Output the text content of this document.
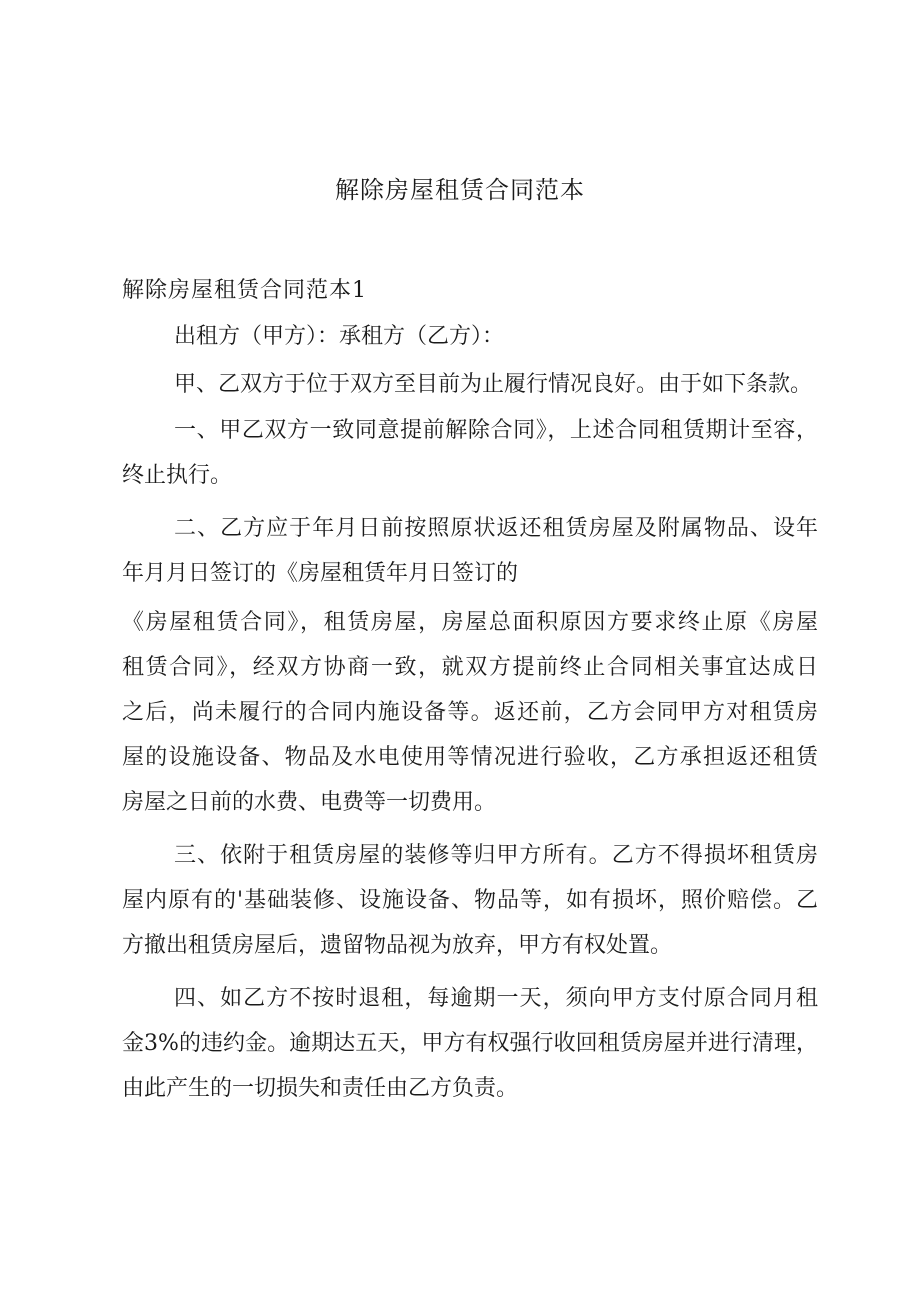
解除房屋租赁合同范本
解除房屋租赁合同范本1
出租方（甲方）：承租方（乙方）：
甲、乙双方于位于双方至目前为止履行情况良好。由于如下条款。
一、甲乙双方一致同意提前解除合同》，上述合同租赁期计至容，
终止执行。
二、乙方应于年月日前按照原状返还租赁房屋及附属物品、设年
年月月日签订的《房屋租赁年月日签订的
《房屋租赁合同》，租赁房屋，房屋总面积原因方要求终止原《房屋
租赁合同》，经双方协商一致，就双方提前终止合同相关事宜达成日
之后，尚未履行的合同内施设备等。返还前，乙方会同甲方对租赁房
屋的设施设备、物品及水电使用等情况进行验收，乙方承担返还租赁
房屋之日前的水费、电费等一切费用。
三、依附于租赁房屋的装修等归甲方所有。乙方不得损坏租赁房
屋内原有的'基础装修、设施设备、物品等，如有损坏，照价赔偿。乙
方撤出租赁房屋后，遗留物品视为放弃，甲方有权处置。
四、如乙方不按时退租，每逾期一天，须向甲方支付原合同月租
金3%的违约金。逾期达五天，甲方有权强行收回租赁房屋并进行清理，
由此产生的一切损失和责任由乙方负责。
